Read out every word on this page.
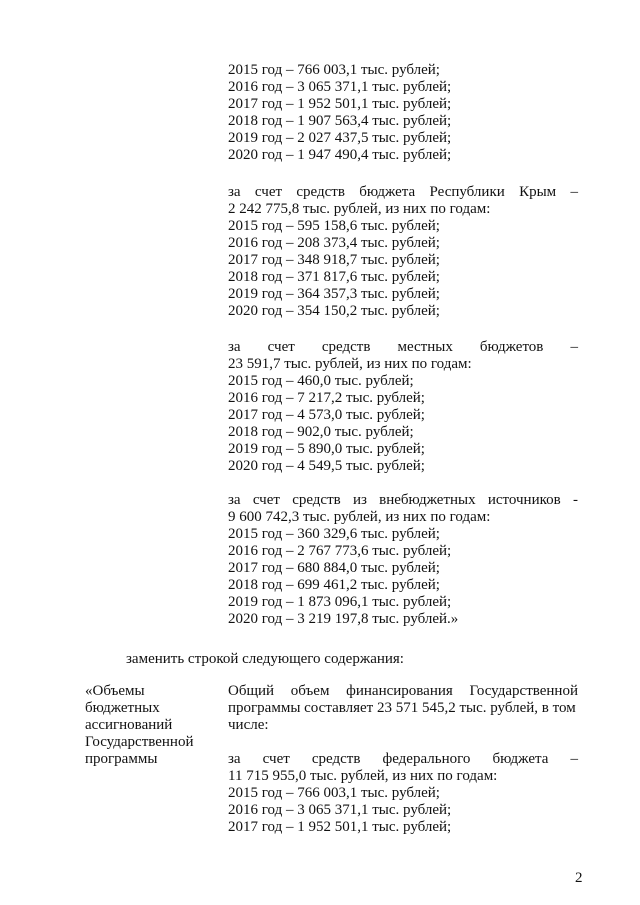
2015 год – 766 003,1 тыс. рублей;
2016 год – 3 065 371,1 тыс. рублей;
2017 год – 1 952 501,1 тыс. рублей;
2018 год – 1 907 563,4 тыс. рублей;
2019 год – 2 027 437,5 тыс. рублей;
2020 год – 1 947 490,4 тыс. рублей;
за счет средств бюджета Республики Крым –
2 242 775,8 тыс. рублей, из них по годам:
2015 год – 595 158,6 тыс. рублей;
2016 год – 208 373,4 тыс. рублей;
2017 год – 348 918,7 тыс. рублей;
2018 год – 371 817,6 тыс. рублей;
2019 год – 364 357,3 тыс. рублей;
2020 год – 354 150,2 тыс. рублей;
за счет средств местных бюджетов –
23 591,7 тыс. рублей, из них по годам:
2015 год – 460,0 тыс. рублей;
2016 год – 7 217,2 тыс. рублей;
2017 год – 4 573,0 тыс. рублей;
2018 год – 902,0 тыс. рублей;
2019 год – 5 890,0 тыс. рублей;
2020 год – 4 549,5 тыс. рублей;
за счет средств из внебюджетных источников -
9 600 742,3 тыс. рублей, из них по годам:
2015 год – 360 329,6 тыс. рублей;
2016 год – 2 767 773,6 тыс. рублей;
2017 год – 680 884,0 тыс. рублей;
2018 год – 699 461,2 тыс. рублей;
2019 год – 1 873 096,1 тыс. рублей;
2020 год – 3 219 197,8 тыс. рублей.»
заменить строкой следующего содержания:
«Объемы
бюджетных
ассигнований
Государственной
программы
Общий объем финансирования Государственной
программы составляет 23 571 545,2 тыс. рублей, в том
числе:
за счет средств федерального бюджета –
11 715 955,0 тыс. рублей, из них по годам:
2015 год – 766 003,1 тыс. рублей;
2016 год – 3 065 371,1 тыс. рублей;
2017 год – 1 952 501,1 тыс. рублей;
2
